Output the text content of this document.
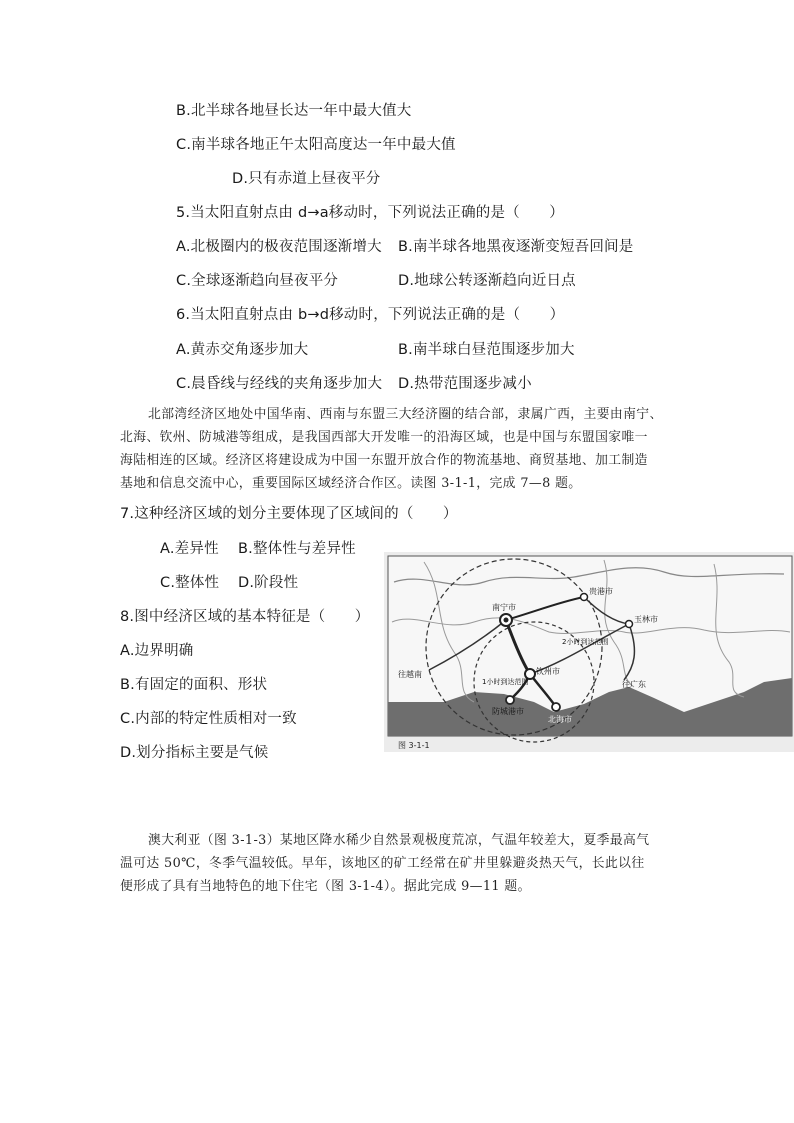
B.北半球各地昼长达一年中最大值大
C.南半球各地正午太阳高度达一年中最大值
D.只有赤道上昼夜平分
5.当太阳直射点由 d→a移动时，下列说法正确的是（　　）
A.北极圈内的极夜范围逐渐增大 B.南半球各地黑夜逐渐变短吾回间是
C.全球逐渐趋向昼夜平分	D.地球公转逐渐趋向近日点
6.当太阳直射点由 b→d移动时，下列说法正确的是（　　）
A.黄赤交角逐步加大	B.南半球白昼范围逐步加大
C.晨昏线与经线的夹角逐步加大 D.热带范围逐步减小
北部湾经济区地处中国华南、西南与东盟三大经济圈的结合部，隶属广西，主要由南宁、
北海、钦州、防城港等组成，是我国西部大开发唯一的沿海区域，也是中国与东盟国家唯一
海陆相连的区域。经济区将建设成为中国一东盟开放合作的物流基地、商贸基地、加工制造
基地和信息交流中心，重要国际区域经济合作区。读图 3-1-1，完成 7—8 题。
7.这种经济区域的划分主要体现了区域间的（　　）
A.差异性 B.整体性与差异性
C.整体性 D.阶段性
8.图中经济区域的基本特征是（　　）
A.边界明确
B.有固定的面积、形状
C.内部的特定性质相对一致
D.划分指标主要是气候
南宁市
贵港市
玉林市
钦州市
防城港市
北海市
往越南
往广东
1小时到达范围
2小时到达范围
图 3-1-1
澳大利亚（图 3-1-3）某地区降水稀少自然景观极度荒凉，气温年较差大，夏季最高气
温可达 50℃，冬季气温较低。早年，该地区的矿工经常在矿井里躲避炎热天气，长此以往
便形成了具有当地特色的地下住宅（图 3-1-4）。据此完成 9—11 题。
